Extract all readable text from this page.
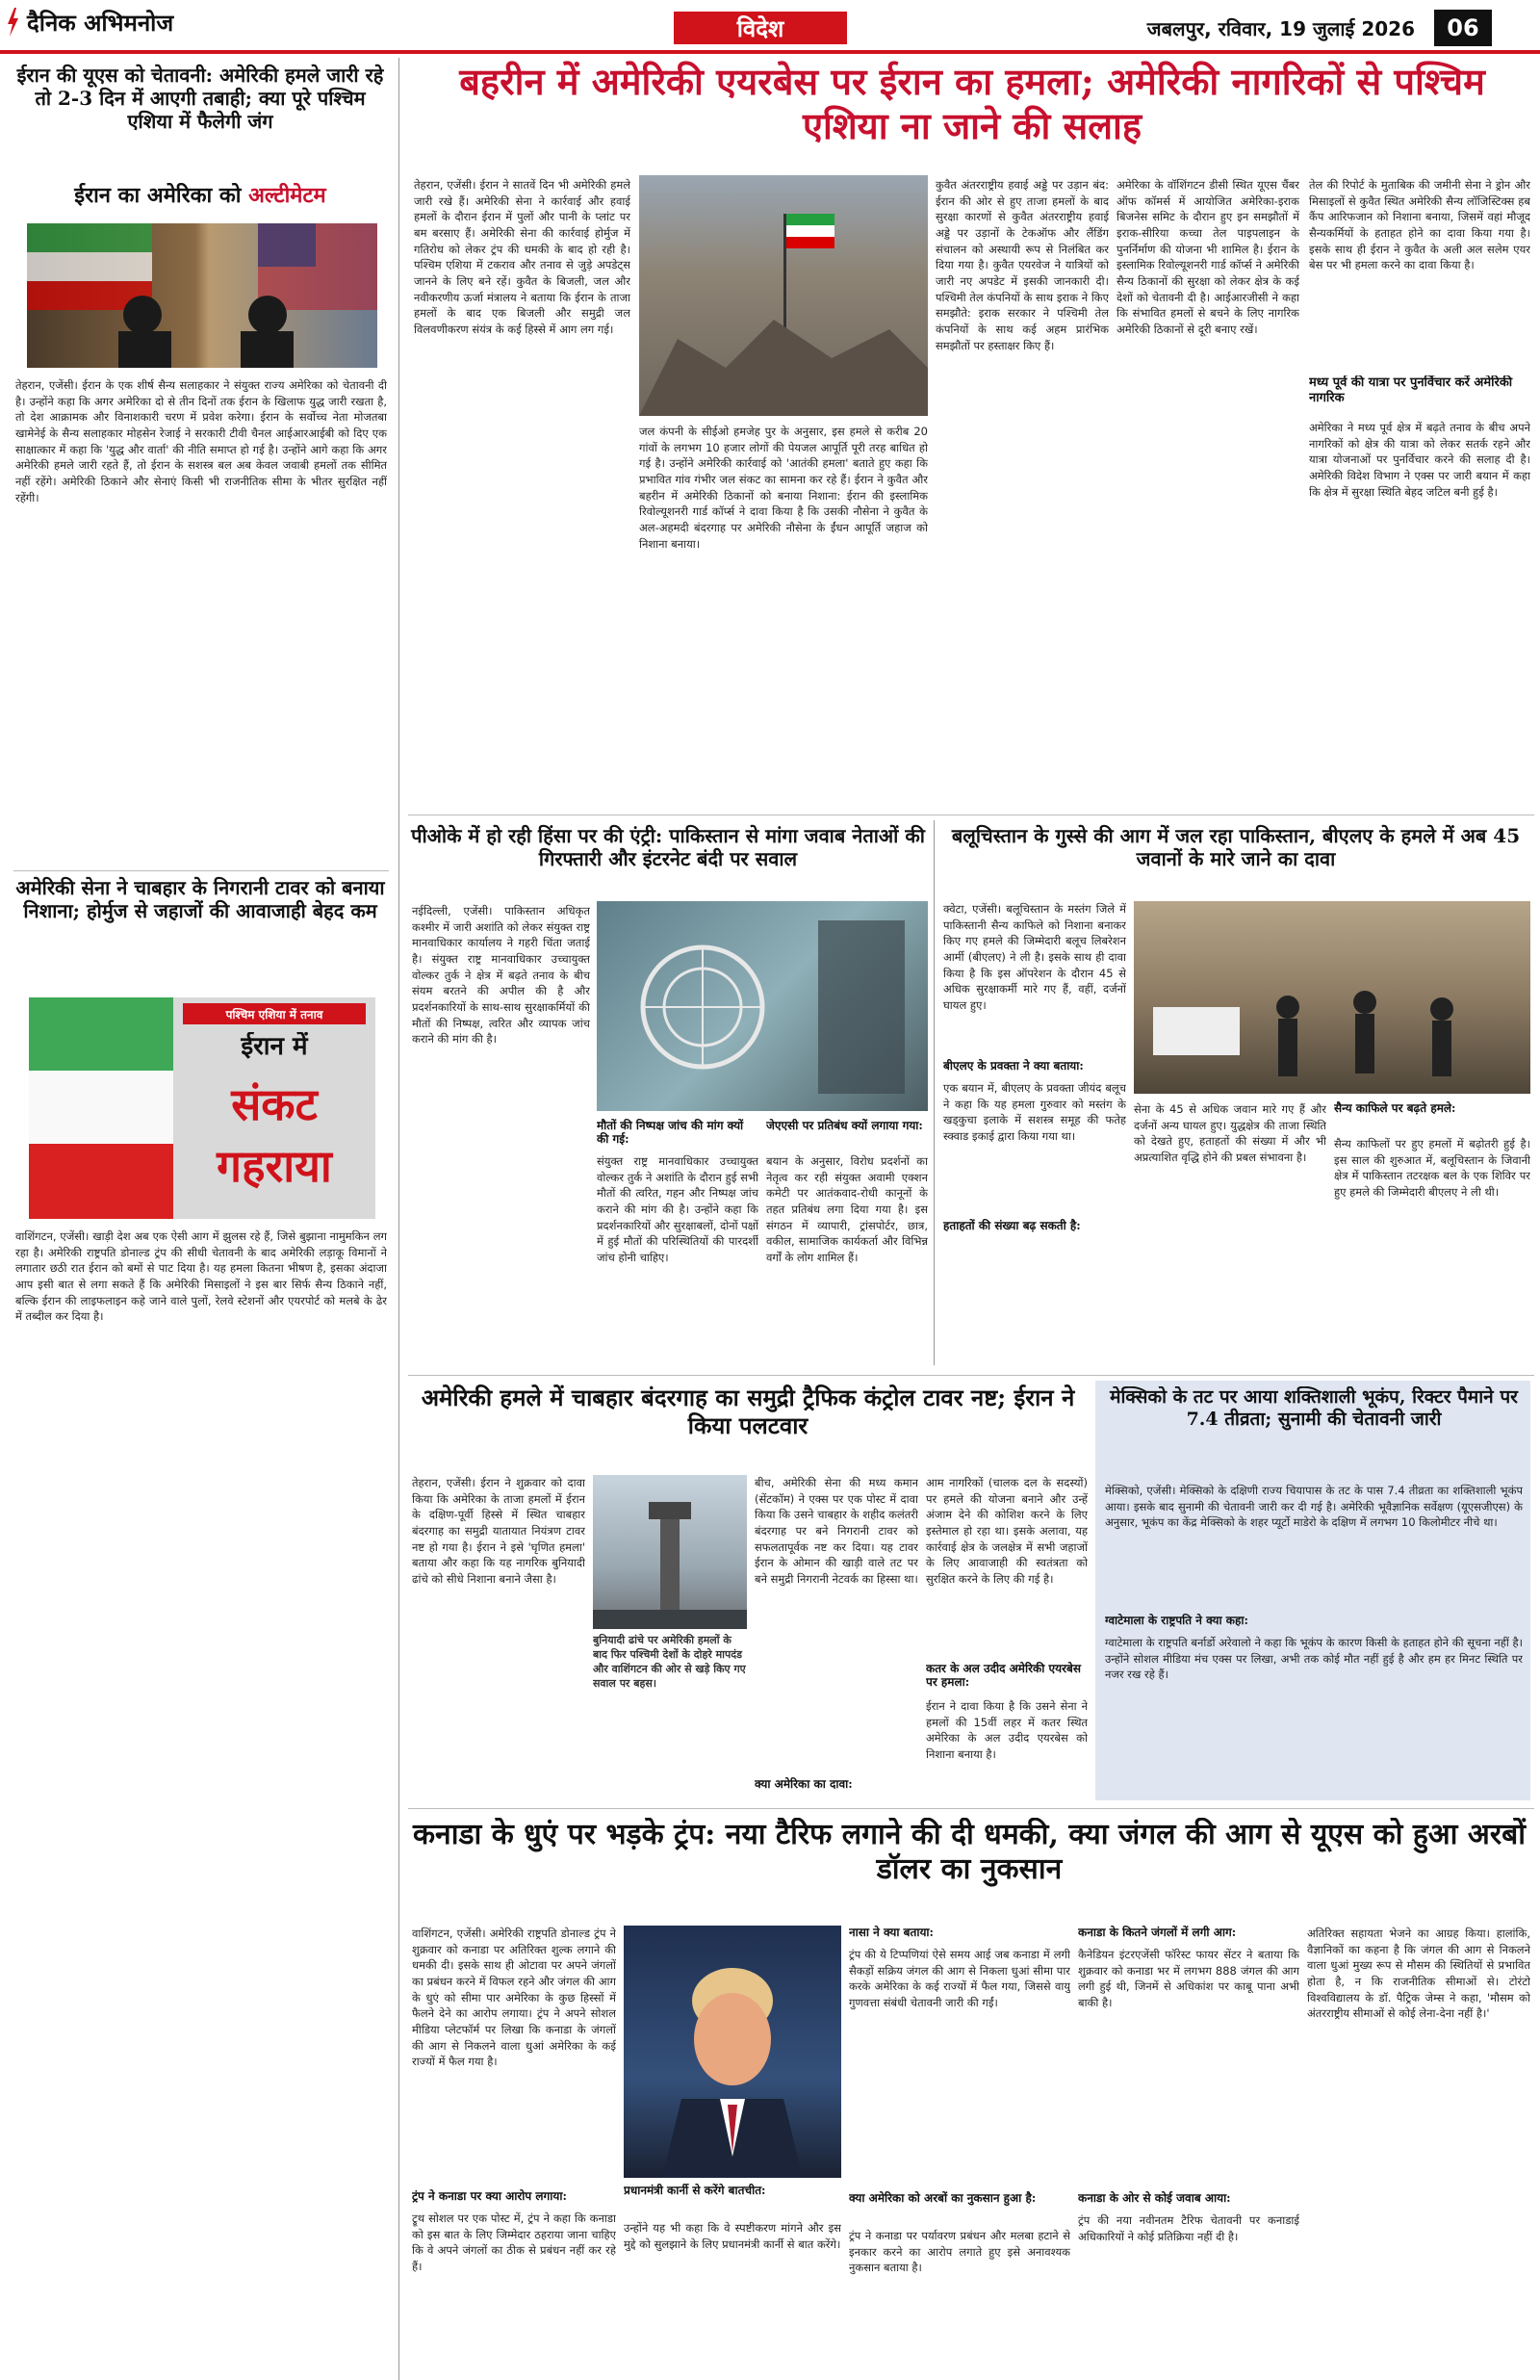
दैनिक अभिमनोज	विदेश	जबलपुर, रविवार, 19 जुलाई 2026	06
ईरान की यूएस को चेतावनी: अमेरिकी हमले जारी रहे तो 2-3 दिन में आएगी तबाही; क्या पूरे पश्चिम एशिया में फैलेगी जंग
ईरान का अमेरिका को अल्टीमेटम
तेहरान, एजेंसी। ईरान के एक शीर्ष सैन्य सलाहकार ने संयुक्त राज्य अमेरिका को चेतावनी दी है। उन्होंने कहा कि अगर अमेरिका दो से तीन दिनों तक ईरान के खिलाफ युद्ध जारी रखता है, तो देश आक्रामक और विनाशकारी चरण में प्रवेश करेगा। ईरान के सर्वोच्च नेता मोजतबा खामेनेई के सैन्य सलाहकार मोहसेन रेजाई ने सरकारी टीवी चैनल आईआरआईबी को दिए एक साक्षात्कार में कहा कि 'युद्ध और वार्ता' की नीति समाप्त हो गई है। उन्होंने आगे कहा कि अगर अमेरिकी हमले जारी रहते हैं, तो ईरान के सशस्त्र बल अब केवल जवाबी हमलों तक सीमित नहीं रहेंगे। अमेरिकी ठिकाने और सेनाएं किसी भी राजनीतिक सीमा के भीतर सुरक्षित नहीं रहेंगी।
अमेरिकी सेना ने चाबहार के निगरानी टावर को बनाया निशाना; होर्मुज से जहाजों की आवाजाही बेहद कम
पश्चिम एशिया में तनाव
ईरान में
संकट
गहराया
वाशिंगटन, एजेंसी। खाड़ी देश अब एक ऐसी आग में झुलस रहे हैं, जिसे बुझाना नामुमकिन लग रहा है। अमेरिकी राष्ट्रपति डोनाल्ड ट्रंप की सीधी चेतावनी के बाद अमेरिकी लड़ाकू विमानों ने लगातार छठी रात ईरान को बमों से पाट दिया है। यह हमला कितना भीषण है, इसका अंदाजा आप इसी बात से लगा सकते हैं कि अमेरिकी मिसाइलों ने इस बार सिर्फ सैन्य ठिकाने नहीं, बल्कि ईरान की लाइफलाइन कहे जाने वाले पुलों, रेलवे स्टेशनों और एयरपोर्ट को मलबे के ढेर में तब्दील कर दिया है।
बहरीन में अमेरिकी एयरबेस पर ईरान का हमला; अमेरिकी नागरिकों से पश्चिम एशिया ना जाने की सलाह
तेहरान, एजेंसी। ईरान ने सातवें दिन भी अमेरिकी हमले जारी रखे हैं। अमेरिकी सेना ने कार्रवाई और हवाई हमलों के दौरान ईरान में पुलों और पानी के प्लांट पर बम बरसाए हैं। अमेरिकी सेना की कार्रवाई होर्मुज में गतिरोध को लेकर ट्रंप की धमकी के बाद हो रही है। पश्चिम एशिया में टकराव और तनाव से जुड़े अपडेट्स जानने के लिए बने रहें। कुवैत के बिजली, जल और नवीकरणीय ऊर्जा मंत्रालय ने बताया कि ईरान के ताजा हमलों के बाद एक बिजली और समुद्री जल विलवणीकरण संयंत्र के कई हिस्से में आग लग गई।
जल कंपनी के सीईओ हमजेह पुर के अनुसार, इस हमले से करीब 20 गांवों के लगभग 10 हजार लोगों की पेयजल आपूर्ति पूरी तरह बाधित हो गई है। उन्होंने अमेरिकी कार्रवाई को 'आतंकी हमला' बताते हुए कहा कि प्रभावित गांव गंभीर जल संकट का सामना कर रहे हैं। ईरान ने कुवैत और बहरीन में अमेरिकी ठिकानों को बनाया निशाना: ईरान की इस्लामिक रिवोल्यूशनरी गार्ड कॉर्प्स ने दावा किया है कि उसकी नौसेना ने कुवैत के अल-अहमदी बंदरगाह पर अमेरिकी नौसेना के ईंधन आपूर्ति जहाज को निशाना बनाया।
कुवैत अंतरराष्ट्रीय हवाई अड्डे पर उड़ान बंद: ईरान की ओर से हुए ताजा हमलों के बाद सुरक्षा कारणों से कुवैत अंतरराष्ट्रीय हवाई अड्डे पर उड़ानों के टेकऑफ और लैंडिंग संचालन को अस्थायी रूप से निलंबित कर दिया गया है। कुवैत एयरवेज ने यात्रियों को जारी नए अपडेट में इसकी जानकारी दी। पश्चिमी तेल कंपनियों के साथ इराक ने किए समझौते: इराक सरकार ने पश्चिमी तेल कंपनियों के साथ कई अहम प्रारंभिक समझौतों पर हस्ताक्षर किए हैं।
अमेरिका के वॉशिंगटन डीसी स्थित यूएस चैंबर ऑफ कॉमर्स में आयोजित अमेरिका-इराक बिजनेस समिट के दौरान हुए इन समझौतों में इराक-सीरिया कच्चा तेल पाइपलाइन के पुनर्निर्माण की योजना भी शामिल है। ईरान के इस्लामिक रिवोल्यूशनरी गार्ड कॉर्प्स ने अमेरिकी सैन्य ठिकानों की सुरक्षा को लेकर क्षेत्र के कई देशों को चेतावनी दी है। आईआरजीसी ने कहा कि संभावित हमलों से बचने के लिए नागरिक अमेरिकी ठिकानों से दूरी बनाए रखें।
तेल की रिपोर्ट के मुताबिक की जमीनी सेना ने ड्रोन और मिसाइलों से कुवैत स्थित अमेरिकी सैन्य लॉजिस्टिक्स हब कैंप आरिफजान को निशाना बनाया, जिसमें वहां मौजूद सैन्यकर्मियों के हताहत होने का दावा किया गया है। इसके साथ ही ईरान ने कुवैत के अली अल सलेम एयर बेस पर भी हमला करने का दावा किया है।
मध्य पूर्व की यात्रा पर पुनर्विचार करें अमेरिकी नागरिक
अमेरिका ने मध्य पूर्व क्षेत्र में बढ़ते तनाव के बीच अपने नागरिकों को क्षेत्र की यात्रा को लेकर सतर्क रहने और यात्रा योजनाओं पर पुनर्विचार करने की सलाह दी है। अमेरिकी विदेश विभाग ने एक्स पर जारी बयान में कहा कि क्षेत्र में सुरक्षा स्थिति बेहद जटिल बनी हुई है।
पीओके में हो रही हिंसा पर की एंट्री: पाकिस्तान से मांगा जवाब नेताओं की गिरफ्तारी और इंटरनेट बंदी पर सवाल
नईदिल्ली, एजेंसी। पाकिस्तान अधिकृत कश्मीर में जारी अशांति को लेकर संयुक्त राष्ट्र मानवाधिकार कार्यालय ने गहरी चिंता जताई है। संयुक्त राष्ट्र मानवाधिकार उच्चायुक्त वोल्कर तुर्क ने क्षेत्र में बढ़ते तनाव के बीच संयम बरतने की अपील की है और प्रदर्शनकारियों के साथ-साथ सुरक्षाकर्मियों की मौतों की निष्पक्ष, त्वरित और व्यापक जांच कराने की मांग की है।
मौतों की निष्पक्ष जांच की मांग क्यों की गई:
संयुक्त राष्ट्र मानवाधिकार उच्चायुक्त वोल्कर तुर्क ने अशांति के दौरान हुई सभी मौतों की त्वरित, गहन और निष्पक्ष जांच कराने की मांग की है। उन्होंने कहा कि प्रदर्शनकारियों और सुरक्षाबलों, दोनों पक्षों में हुई मौतों की परिस्थितियों की पारदर्शी जांच होनी चाहिए।
जेएएसी पर प्रतिबंध क्यों लगाया गया:
बयान के अनुसार, विरोध प्रदर्शनों का नेतृत्व कर रही संयुक्त अवामी एक्शन कमेटी पर आतंकवाद-रोधी कानूनों के तहत प्रतिबंध लगा दिया गया है। इस संगठन में व्यापारी, ट्रांसपोर्टर, छात्र, वकील, सामाजिक कार्यकर्ता और विभिन्न वर्गों के लोग शामिल हैं।
बलूचिस्तान के गुस्से की आग में जल रहा पाकिस्तान, बीएलए के हमले में अब 45 जवानों के मारे जाने का दावा
क्वेटा, एजेंसी। बलूचिस्तान के मस्तंग जिले में पाकिस्तानी सैन्य काफिले को निशाना बनाकर किए गए हमले की जिम्मेदारी बलूच लिबरेशन आर्मी (बीएलए) ने ली है। इसके साथ ही दावा किया है कि इस ऑपरेशन के दौरान 45 से अधिक सुरक्षाकर्मी मारे गए हैं, वहीं, दर्जनों घायल हुए।
बीएलए के प्रवक्ता ने क्या बताया:
एक बयान में, बीएलए के प्रवक्ता जीयंद बलूच ने कहा कि यह हमला गुरुवार को मस्तंग के खड्कुचा इलाके में सशस्त्र समूह की फतेह स्क्वाड इकाई द्वारा किया गया था।
हताहतों की संख्या बढ़ सकती है:
सेना के 45 से अधिक जवान मारे गए हैं और दर्जनों अन्य घायल हुए। युद्धक्षेत्र की ताजा स्थिति को देखते हुए, हताहतों की संख्या में और भी अप्रत्याशित वृद्धि होने की प्रबल संभावना है।
सैन्य काफिले पर बढ़ते हमले:
सैन्य काफिलों पर हुए हमलों में बढ़ोतरी हुई है। इस साल की शुरुआत में, बलूचिस्तान के जिवानी क्षेत्र में पाकिस्तान तटरक्षक बल के एक शिविर पर हुए हमले की जिम्मेदारी बीएलए ने ली थी।
अमेरिकी हमले में चाबहार बंदरगाह का समुद्री ट्रैफिक कंट्रोल टावर नष्ट; ईरान ने किया पलटवार
तेहरान, एजेंसी। ईरान ने शुक्रवार को दावा किया कि अमेरिका के ताजा हमलों में ईरान के दक्षिण-पूर्वी हिस्से में स्थित चाबहार बंदरगाह का समुद्री यातायात नियंत्रण टावर नष्ट हो गया है। ईरान ने इसे 'घृणित हमला' बताया और कहा कि यह नागरिक बुनियादी ढांचे को सीधे निशाना बनाने जैसा है।
बुनियादी ढांचे पर अमेरिकी हमलों के बाद फिर पश्चिमी देशों के दोहरे मापदंड और वाशिंगटन की ओर से खड़े किए गए सवाल पर बहस।
बीच, अमेरिकी सेना की मध्य कमान (सेंटकॉम) ने एक्स पर एक पोस्ट में दावा किया कि उसने चाबहार के शहीद कलंतरी बंदरगाह पर बने निगरानी टावर को सफलतापूर्वक नष्ट कर दिया। यह टावर ईरान के ओमान की खाड़ी वाले तट पर बने समुद्री निगरानी नेटवर्क का हिस्सा था।
क्या अमेरिका का दावा:
आम नागरिकों (चालक दल के सदस्यों) पर हमले की योजना बनाने और उन्हें अंजाम देने की कोशिश करने के लिए इस्तेमाल हो रहा था। इसके अलावा, यह कार्रवाई क्षेत्र के जलक्षेत्र में सभी जहाजों के लिए आवाजाही की स्वतंत्रता को सुरक्षित करने के लिए की गई है।
कतर के अल उदीद अमेरिकी एयरबेस पर हमला:
ईरान ने दावा किया है कि उसने सेना ने हमलों की 15वीं लहर में कतर स्थित अमेरिका के अल उदीद एयरबेस को निशाना बनाया है।
मेक्सिको के तट पर आया शक्तिशाली भूकंप, रिक्टर पैमाने पर 7.4 तीव्रता; सुनामी की चेतावनी जारी
मेक्सिको, एजेंसी। मेक्सिको के दक्षिणी राज्य चियापास के तट के पास 7.4 तीव्रता का शक्तिशाली भूकंप आया। इसके बाद सुनामी की चेतावनी जारी कर दी गई है। अमेरिकी भूवैज्ञानिक सर्वेक्षण (यूएसजीएस) के अनुसार, भूकंप का केंद्र मेक्सिको के शहर प्यूर्टो माडेरो के दक्षिण में लगभग 10 किलोमीटर नीचे था।
ग्वाटेमाला के राष्ट्रपति ने क्या कहा:
ग्वाटेमाला के राष्ट्रपति बर्नार्डो अरेवालो ने कहा कि भूकंप के कारण किसी के हताहत होने की सूचना नहीं है। उन्होंने सोशल मीडिया मंच एक्स पर लिखा, अभी तक कोई मौत नहीं हुई है और हम हर मिनट स्थिति पर नजर रख रहे हैं।
कनाडा के धुएं पर भड़के ट्रंप: नया टैरिफ लगाने की दी धमकी, क्या जंगल की आग से यूएस को हुआ अरबों डॉलर का नुकसान
वाशिंगटन, एजेंसी। अमेरिकी राष्ट्रपति डोनाल्ड ट्रंप ने शुक्रवार को कनाडा पर अतिरिक्त शुल्क लगाने की धमकी दी। इसके साथ ही ओटावा पर अपने जंगलों का प्रबंधन करने में विफल रहने और जंगल की आग के धुएं को सीमा पार अमेरिका के कुछ हिस्सों में फैलने देने का आरोप लगाया। ट्रंप ने अपने सोशल मीडिया प्लेटफॉर्म पर लिखा कि कनाडा के जंगलों की आग से निकलने वाला धुआं अमेरिका के कई राज्यों में फैल गया है।
ट्रंप ने कनाडा पर क्या आरोप लगाया:
ट्रूथ सोशल पर एक पोस्ट में, ट्रंप ने कहा कि कनाडा को इस बात के लिए जिम्मेदार ठहराया जाना चाहिए कि वे अपने जंगलों का ठीक से प्रबंधन नहीं कर रहे हैं।
प्रधानमंत्री कार्नी से करेंगे बातचीत:
उन्होंने यह भी कहा कि वे स्पष्टीकरण मांगने और इस मुद्दे को सुलझाने के लिए प्रधानमंत्री कार्नी से बात करेंगे।
नासा ने क्या बताया:
ट्रंप की ये टिप्पणियां ऐसे समय आई जब कनाडा में लगी सैकड़ों सक्रिय जंगल की आग से निकला धुआं सीमा पार करके अमेरिका के कई राज्यों में फैल गया, जिससे वायु गुणवत्ता संबंधी चेतावनी जारी की गईं।
क्या अमेरिका को अरबों का नुकसान हुआ है:
ट्रंप ने कनाडा पर पर्यावरण प्रबंधन और मलबा हटाने से इनकार करने का आरोप लगाते हुए इसे अनावश्यक नुकसान बताया है।
कनाडा के कितने जंगलों में लगी आग:
कैनेडियन इंटरएजेंसी फॉरेस्ट फायर सेंटर ने बताया कि शुक्रवार को कनाडा भर में लगभग 888 जंगल की आग लगी हुई थी, जिनमें से अधिकांश पर काबू पाना अभी बाकी है।
कनाडा के ओर से कोई जवाब आया:
ट्रंप की नया नवीनतम टैरिफ चेतावनी पर कनाडाई अधिकारियों ने कोई प्रतिक्रिया नहीं दी है।
अतिरिक्त सहायता भेजने का आग्रह किया। हालांकि, वैज्ञानिकों का कहना है कि जंगल की आग से निकलने वाला धुआं मुख्य रूप से मौसम की स्थितियों से प्रभावित होता है, न कि राजनीतिक सीमाओं से। टोरंटो विश्वविद्यालय के डॉ. पैट्रिक जेम्स ने कहा, 'मौसम को अंतरराष्ट्रीय सीमाओं से कोई लेना-देना नहीं है।'
